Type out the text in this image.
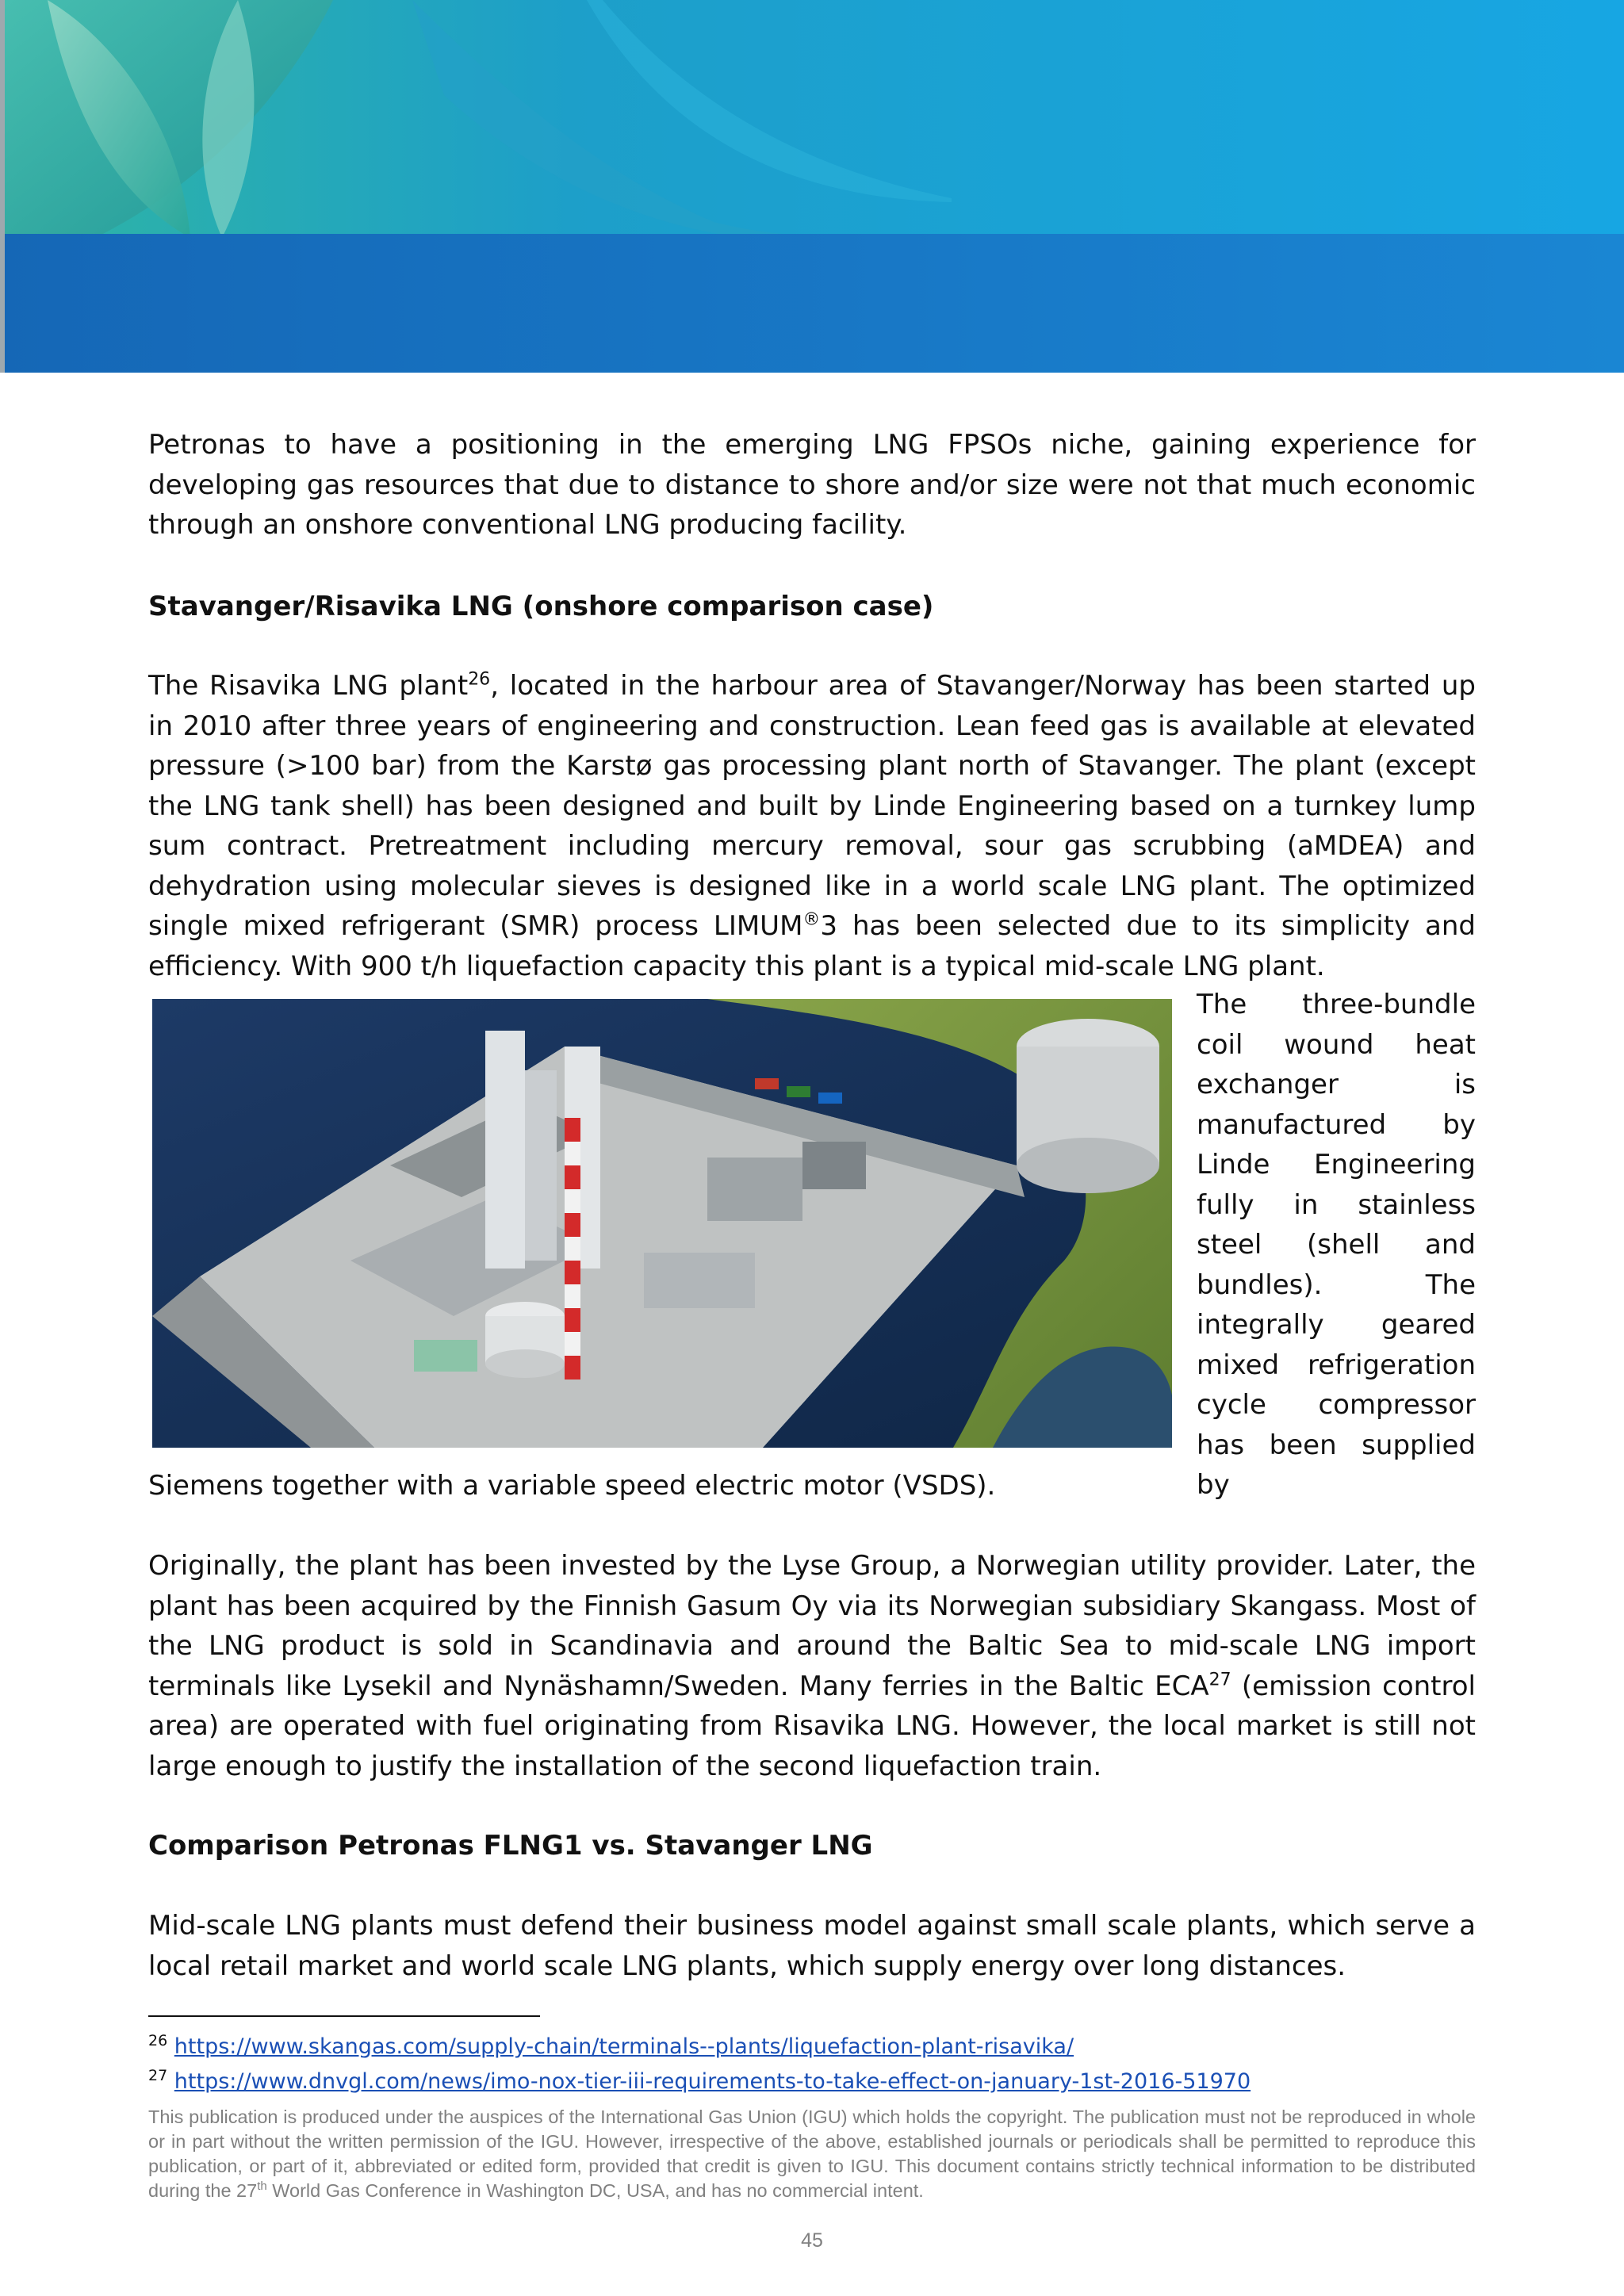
Petronas to have a positioning in the emerging LNG FPSOs niche, gaining experience for developing gas resources that due to distance to shore and/or size were not that much economic through an onshore conventional LNG producing facility.

Stavanger/Risavika LNG (onshore comparison case)

The Risavika LNG plant$^{26}$, located in the harbour area of Stavanger/Norway has been started up in 2010 after three years of engineering and construction. Lean feed gas is available at elevated pressure (>100 bar) from the Karstø gas processing plant north of Stavanger. The plant (except the LNG tank shell) has been designed and built by Linde Engineering based on a turnkey lump sum contract. Pretreatment including mercury removal, sour gas scrubbing (aMDEA) and dehydration using molecular sieves is designed like in a world scale LNG plant. The optimized single mixed refrigerant (SMR) process LIMUM®3 has been selected due to its simplicity and efficiency. With 900 t/h liquefaction capacity this plant is a typical mid-scale LNG plant.

The three-bundle coil wound heat exchanger is manufactured by Linde Engineering fully in stainless steel (shell and bundles). The integrally geared mixed refrigeration cycle compressor has been supplied by

Siemens together with a variable speed electric motor (VSDS).

Originally, the plant has been invested by the Lyse Group, a Norwegian utility provider. Later, the plant has been acquired by the Finnish Gasum Oy via its Norwegian subsidiary Skangass. Most of the LNG product is sold in Scandinavia and around the Baltic Sea to mid-scale LNG import terminals like Lysekil and Nynäshamn/Sweden. Many ferries in the Baltic ECA$^{27}$ (emission control area) are operated with fuel originating from Risavika LNG. However, the local market is still not large enough to justify the installation of the second liquefaction train.

Comparison Petronas FLNG1 vs. Stavanger LNG

Mid-scale LNG plants must defend their business model against small scale plants, which serve a local retail market and world scale LNG plants, which supply energy over long distances.

$^{26}$ https://www.skangas.com/supply-chain/terminals--plants/liquefaction-plant-risavika/

$^{27}$ https://www.dnvgl.com/news/imo-nox-tier-iii-requirements-to-take-effect-on-january-1st-2016-51970

This publication is produced under the auspices of the International Gas Union (IGU) which holds the copyright. The publication must not be reproduced in whole or in part without the written permission of the IGU. However, irrespective of the above, established journals or periodicals shall be permitted to reproduce this publication, or part of it, abbreviated or edited form, provided that credit is given to IGU. This document contains strictly technical information to be distributed during the 27th World Gas Conference in Washington DC, USA, and has no commercial intent.

45
